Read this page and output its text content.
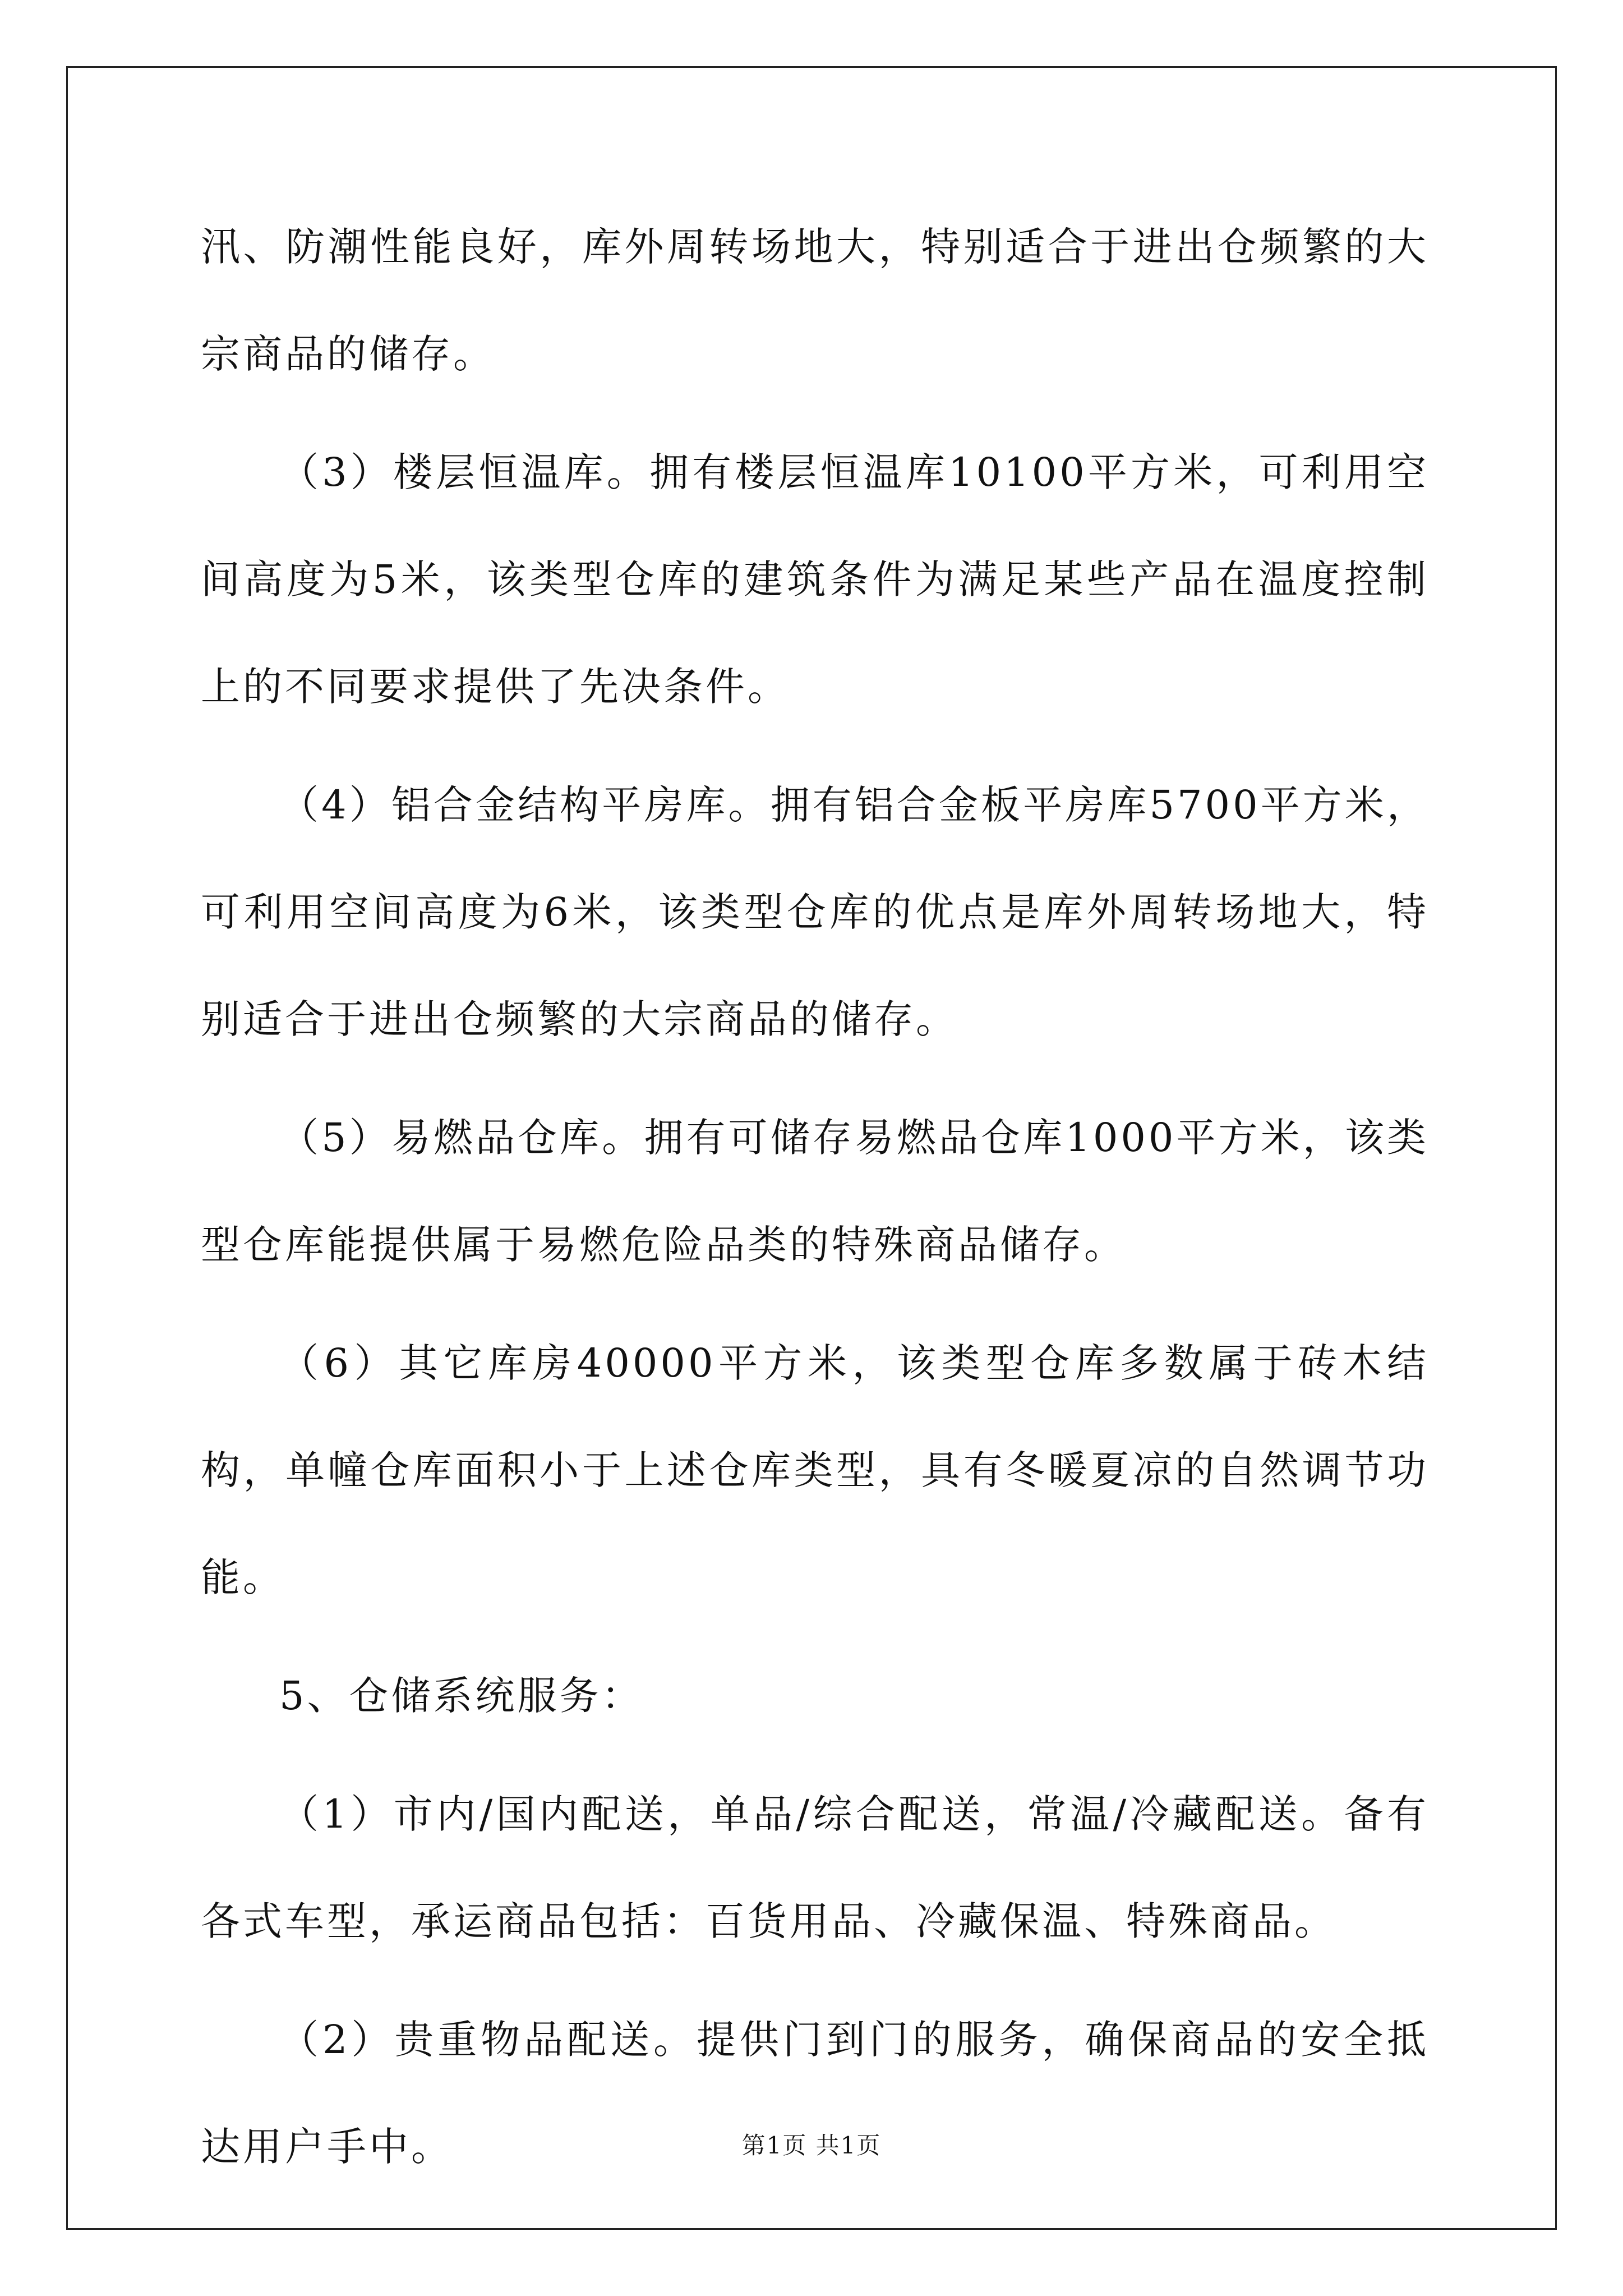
汛、防潮性能良好，库外周转场地大，特别适合于进出仓频繁的大宗商品的储存。

（3）楼层恒温库。拥有楼层恒温库10100平方米，可利用空间高度为5米，该类型仓库的建筑条件为满足某些产品在温度控制上的不同要求提供了先决条件。

（4）铝合金结构平房库。拥有铝合金板平房库5700平方米，可利用空间高度为6米，该类型仓库的优点是库外周转场地大，特别适合于进出仓频繁的大宗商品的储存。

（5）易燃品仓库。拥有可储存易燃品仓库1000平方米，该类型仓库能提供属于易燃危险品类的特殊商品储存。

（6）其它库房40000平方米，该类型仓库多数属于砖木结构，单幢仓库面积小于上述仓库类型，具有冬暖夏凉的自然调节功能。

5、仓储系统服务：

（1）市内/国内配送，单品/综合配送，常温/冷藏配送。备有各式车型，承运商品包括：百货用品、冷藏保温、特殊商品。

（2）贵重物品配送。提供门到门的服务，确保商品的安全抵达用户手中。	第1页 共1页
